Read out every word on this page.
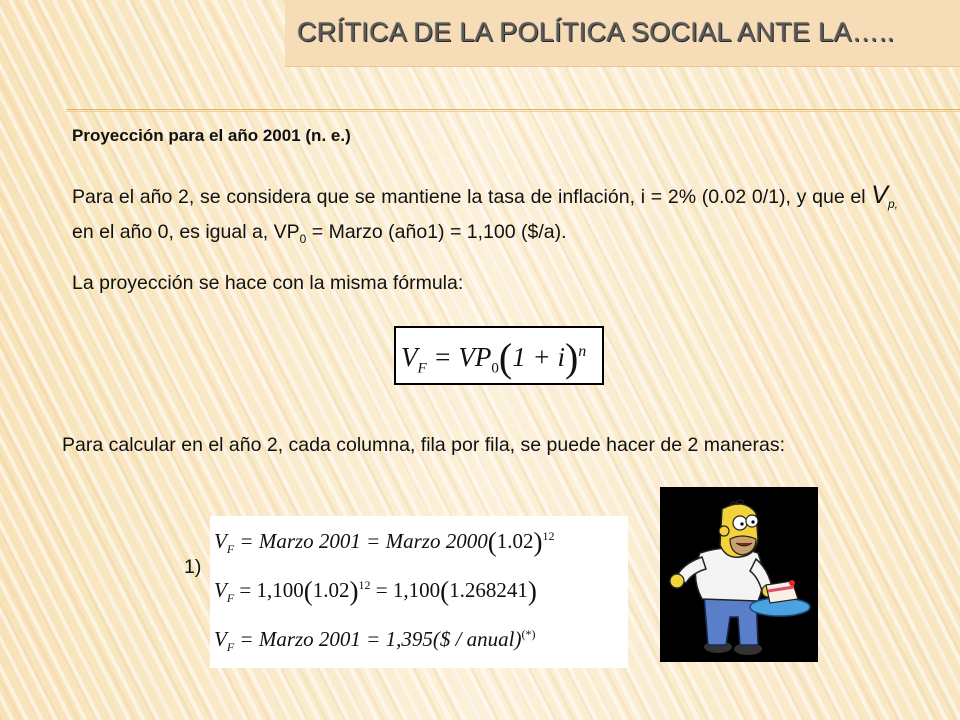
CRÍTICA DE LA POLÍTICA SOCIAL ANTE LA…..
Proyección para el año 2001 (n. e.)
Para el año 2, se considera que se mantiene la tasa de inflación, i = 2% (0.02 0/1), y que el $V_{p,}$ en el año 0, es igual a, $VP_0$ = Marzo (año1) = 1,100 ($/a).
La proyección se hace con la misma fórmula:
$V_F = VP_0(1 + i)^n$
Para calcular en el año 2, cada columna, fila por fila, se puede hacer de 2 maneras:
1)
$V_F$ = Marzo 2001 = Marzo $2000(1.02)^{12}$
$V_F = 1,100(1.02)^{12} = 1,100(1.268241)$
$V_F$ = Marzo 2001 = 1,395($ / anual)(*)
